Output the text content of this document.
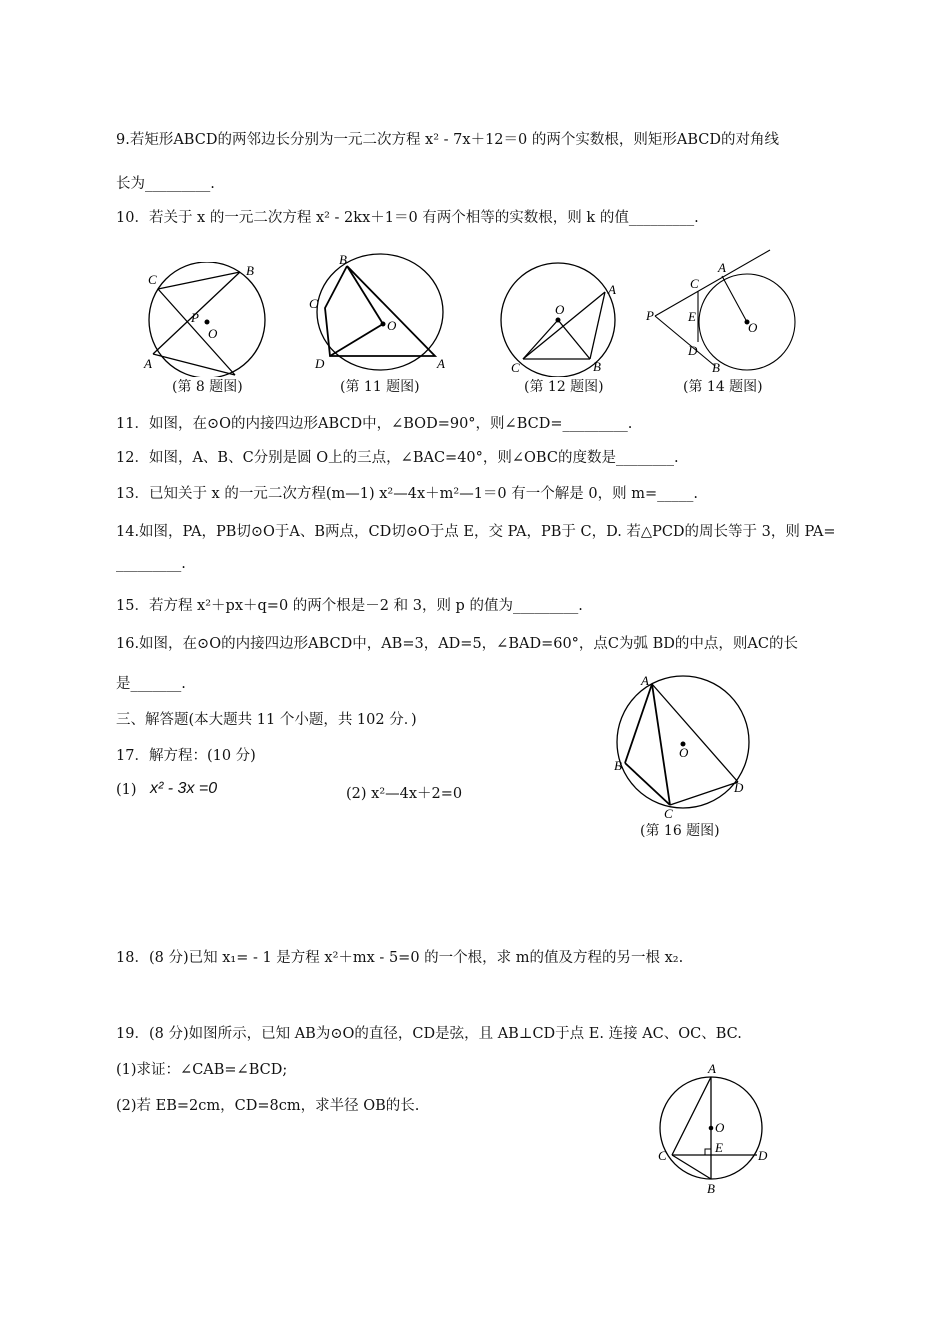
9.若矩形ABCD的两邻边长分别为一元二次方程 x² - 7x＋12＝0 的两个实数根，则矩形ABCD的对角线
长为_________.
10．若关于 x 的一元二次方程 x² - 2kx＋1＝0 有两个相等的实数根，则 k 的值_________.
C
B
P
O
A
(第 8 题图)
B
C
O
D	A
(第 11 题图)
O
A
C	B
(第 12 题图)
P
C
A
E
D
B
O
(第 14 题图)
11．如图，在⊙O的内接四边形ABCD中，∠BOD=90°，则∠BCD=_________.
12．如图，A、B、C分别是圆 O上的三点，∠BAC=40°，则∠OBC的度数是________.
13．已知关于 x 的一元二次方程(m—1) x²—4x＋m²—1＝0 有一个解是 0，则 m=_____.
14.如图，PA，PB切⊙O于A、B两点，CD切⊙O于点 E，交 PA，PB于 C，D. 若△PCD的周长等于 3，则 PA=
_________.
15．若方程 x²＋px＋q=0 的两个根是－2 和 3，则 p 的值为_________.
16.如图，在⊙O的内接四边形ABCD中，AB=3，AD=5，∠BAD=60°，点C为弧 BD的中点，则AC的长
是_______.
三、解答题(本大题共 11 个小题，共 102 分．)
17．解方程：(10 分)
(1) x² - 3x =0	(2) x²—4x＋2=0
A
O
B
D
C
(第 16 题图)
18．(8 分)已知 x₁= - 1 是方程 x²＋mx - 5=0 的一个根，求 m的值及方程的另一根 x₂.
19．(8 分)如图所示，已知 AB为⊙O的直径，CD是弦，且 AB⊥CD于点 E. 连接 AC、OC、BC.
(1)求证：∠CAB=∠BCD;
(2)若 EB=2cm，CD=8cm，求半径 OB的长.
A
O
E
C	D
B
